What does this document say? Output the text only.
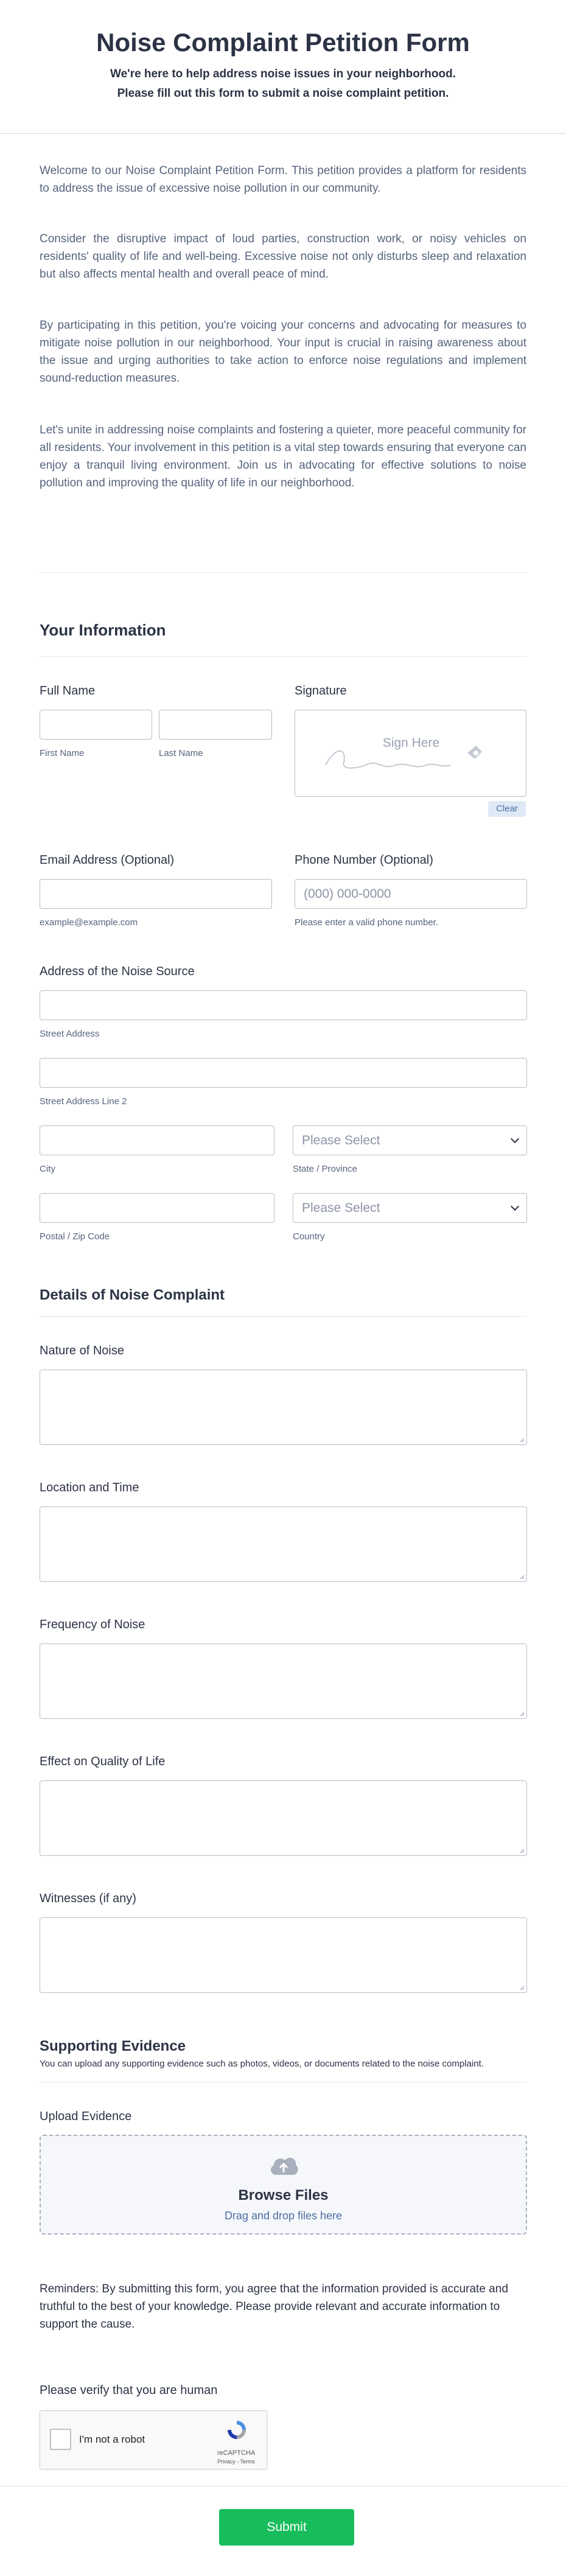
Noise Complaint Petition Form
We're here to help address noise issues in your neighborhood. Please fill out this form to submit a noise complaint petition.
Welcome to our Noise Complaint Petition Form. This petition provides a platform for residents to address the issue of excessive noise pollution in our community.
Consider the disruptive impact of loud parties, construction work, or noisy vehicles on residents' quality of life and well-being. Excessive noise not only disturbs sleep and relaxation but also affects mental health and overall peace of mind.
By participating in this petition, you're voicing your concerns and advocating for measures to mitigate noise pollution in our neighborhood. Your input is crucial in raising awareness about the issue and urging authorities to take action to enforce noise regulations and implement sound-reduction measures.
Let's unite in addressing noise complaints and fostering a quieter, more peaceful community for all residents. Your involvement in this petition is a vital step towards ensuring that everyone can enjoy a tranquil living environment. Join us in advocating for effective solutions to noise pollution and improving the quality of life in our neighborhood.
Your Information
Full Name
First Name	Last Name
Signature
Sign Here
Clear
Email Address (Optional)
example@example.com
Phone Number (Optional)
(000) 000-0000
Please enter a valid phone number.
Address of the Noise Source
Street Address
Street Address Line 2
City
Please Select
State / Province
Postal / Zip Code
Please Select
Country
Details of Noise Complaint
Nature of Noise
Location and Time
Frequency of Noise
Effect on Quality of Life
Witnesses (if any)
Supporting Evidence
You can upload any supporting evidence such as photos, videos, or documents related to the noise complaint.
Upload Evidence
Browse Files
Drag and drop files here
Reminders: By submitting this form, you agree that the information provided is accurate and truthful to the best of your knowledge. Please provide relevant and accurate information to support the cause.
Please verify that you are human
I'm not a robot
reCAPTCHA
Privacy - Terms
Submit
